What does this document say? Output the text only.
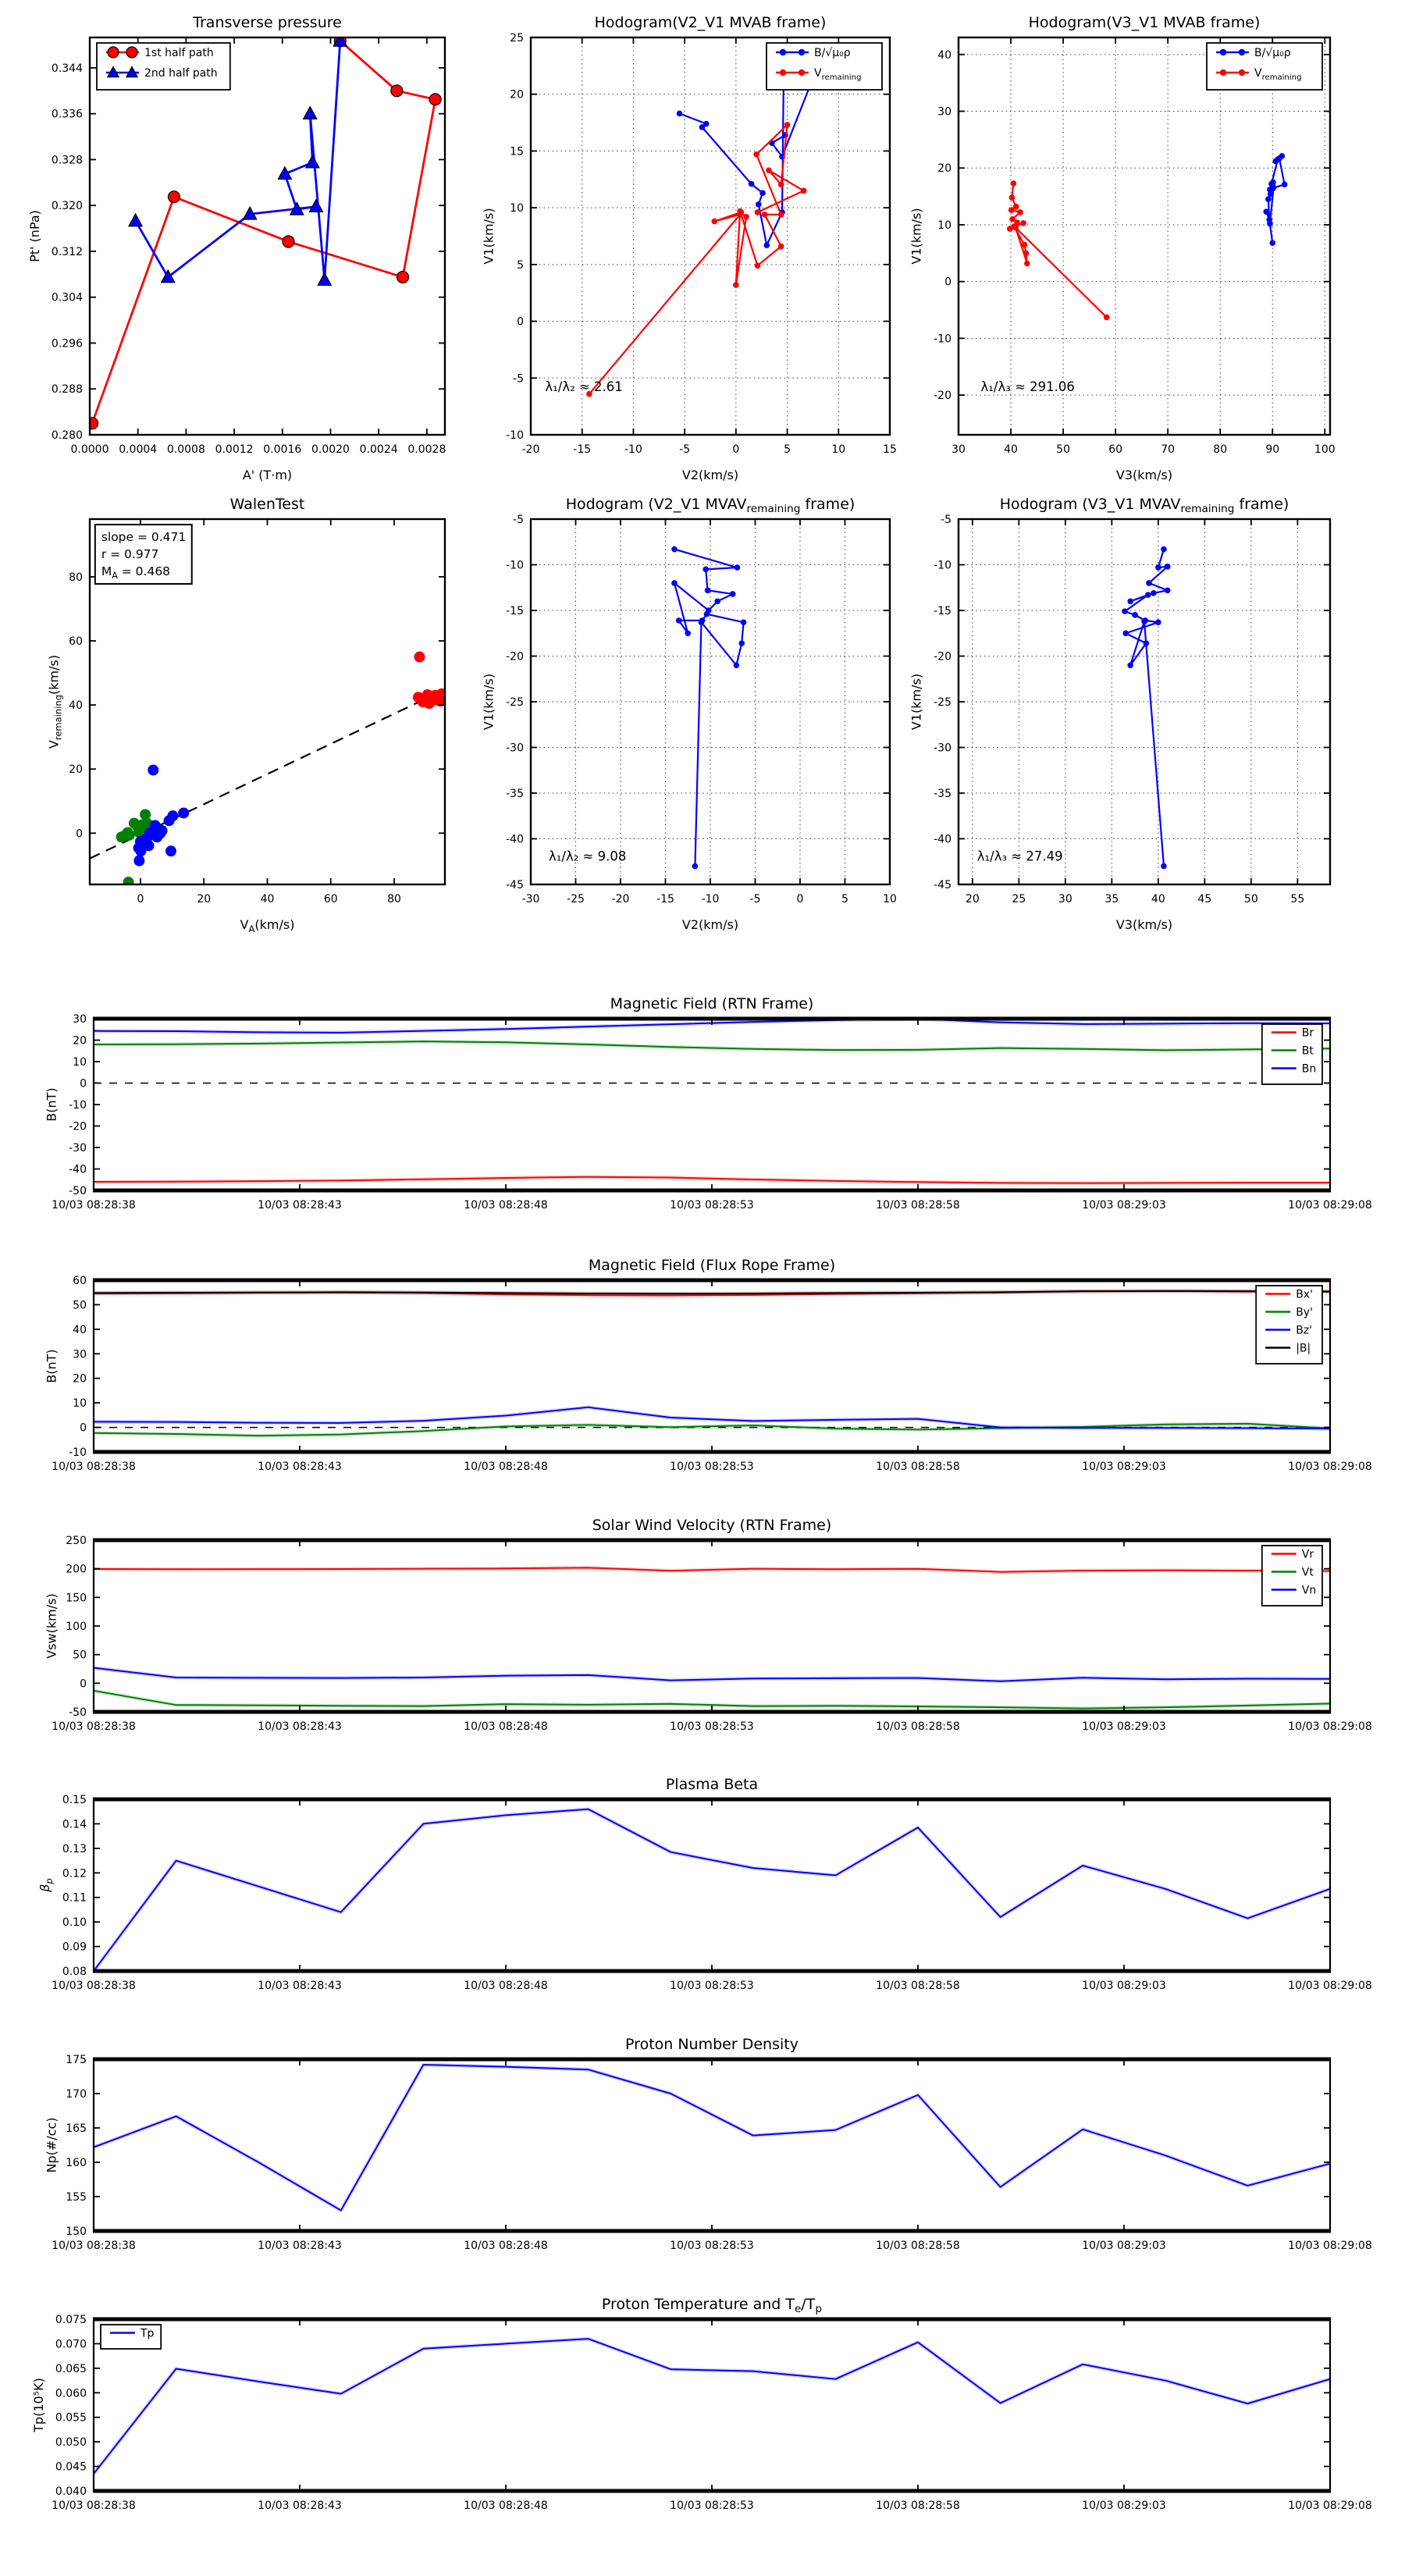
0.0000 0.0004 0.0008 0.0012 0.0016 0.0020 0.0024 0.0028
0.280
0.288
0.296
0.304
0.312
0.320
0.328
0.336
0.344
Transverse pressure
A' (T·m)
Pt' (nPa)
1st half path
2nd half path
-20	-15	-10	-5	0	5	10	15
-10
-5
0
5
10
15
20
25
Hodogram(V2_V1 MVAB frame)
V2(km/s)
V1(km/s)
B/√μ₀ρ
$V_{remaining}$
λ₁/λ₂ ≈ 2.61
30	40	50	60	70	80	90	100
-20
-10
0
10
20
30
40
Hodogram(V3_V1 MVAB frame)
V3(km/s)
V1(km/s)
B/√μ₀ρ
$V_{remaining}$
λ₁/λ₃ ≈ 291.06
0	20	40	60	80
0
20
40
60
80
WalenTest
$V_A(km/s)$
$V_{remaining}(km/s)$
slope = 0.471
r = 0.977
$M_A = 0.468$
-30 -25 -20 -15 -10	-5	0	5	10
-45
-40
-35
-30
-25
-20
-15
-10
-5
Hodogram (V2_V1 $MVAV_{remaining}$ frame)
V2(km/s)
V1(km/s)
λ₁/λ₂ ≈ 9.08
20	25	30	35	40	45	50	55
-45
-40
-35
-30
-25
-20
-15
-10
-5
Hodogram (V3_V1 $MVAV_{remaining}$ frame)
V3(km/s)
V1(km/s)
λ₁/λ₃ ≈ 27.49
10/03 08:28:38	10/03 08:28:43	10/03 08:28:48	10/03 08:28:53	10/03 08:28:58	10/03 08:29:03	10/03 08:29:08
-50
-40
-30
-20
-10
0
10
20
30
Magnetic Field (RTN Frame)
B(nT)
Br
Bt
Bn
10/03 08:28:38	10/03 08:28:43	10/03 08:28:48	10/03 08:28:53	10/03 08:28:58	10/03 08:29:03	10/03 08:29:08
-10
0
10
20
30
40
50
60
Magnetic Field (Flux Rope Frame)
B(nT)
Bx'
By'
Bz'
|B|
10/03 08:28:38	10/03 08:28:43	10/03 08:28:48	10/03 08:28:53	10/03 08:28:58	10/03 08:29:03	10/03 08:29:08
-50
0
50
100
150
200
250
Solar Wind Velocity (RTN Frame)
Vsw(km/s)
Vr
Vt
Vn
10/03 08:28:38	10/03 08:28:43	10/03 08:28:48	10/03 08:28:53	10/03 08:28:58	10/03 08:29:03	10/03 08:29:08
0.08
0.09
0.10
0.11
0.12
0.13
0.14
0.15
Plasma Beta
$\beta_p$
10/03 08:28:38	10/03 08:28:43	10/03 08:28:48	10/03 08:28:53	10/03 08:28:58	10/03 08:29:03	10/03 08:29:08
150
155
160
165
170
175
Proton Number Density
Np(#/cc)
10/03 08:28:38	10/03 08:28:43	10/03 08:28:48	10/03 08:28:53	10/03 08:28:58	10/03 08:29:03	10/03 08:29:08
0.040
0.045
0.050
0.055
0.060
0.065
0.070
0.075
Proton Temperature and $T_e/T_p$
Tp(10⁵K)
Tp
